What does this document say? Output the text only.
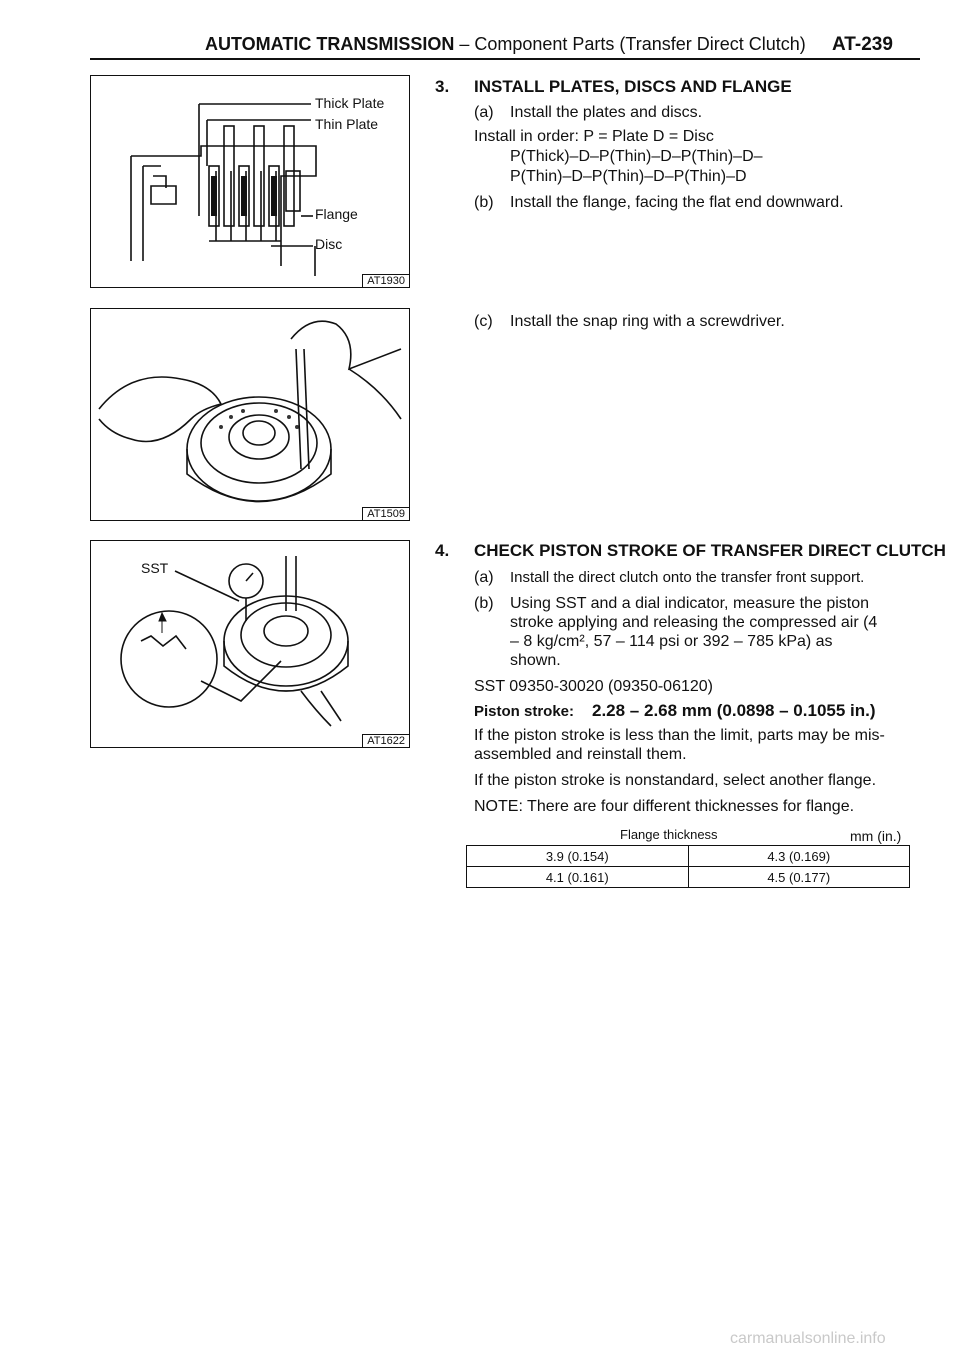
AUTOMATIC TRANSMISSION – Component Parts (Transfer Direct Clutch) AT-239
Thick Plate
Thin Plate
Flange
Disc
AT1930
AT1509
SST
AT1622
3. INSTALL PLATES, DISCS AND FLANGE
(a) Install the plates and discs.
Install in order: P = Plate D = Disc
P(Thick)–D–P(Thin)–D–P(Thin)–D–
P(Thin)–D–P(Thin)–D–P(Thin)–D
(b) Install the flange, facing the flat end downward.
(c) Install the snap ring with a screwdriver.
4. CHECK PISTON STROKE OF TRANSFER DIRECT CLUTCH
(a) Install the direct clutch onto the transfer front support.
(b) Using SST and a dial indicator, measure the piston
stroke applying and releasing the compressed air (4
– 8 kg/cm², 57 – 114 psi or 392 – 785 kPa) as
shown.
SST 09350-30020 (09350-06120)
Piston stroke: 2.28 – 2.68 mm (0.0898 – 0.1055 in.)
If the piston stroke is less than the limit, parts may be mis-
assembled and reinstall them.
If the piston stroke is nonstandard, select another flange.
NOTE: There are four different thicknesses for flange.
Flange thickness	mm (in.)
3.9 (0.154)	4.3 (0.169)
4.1 (0.161)	4.5 (0.177)
carmanualsonline.info
